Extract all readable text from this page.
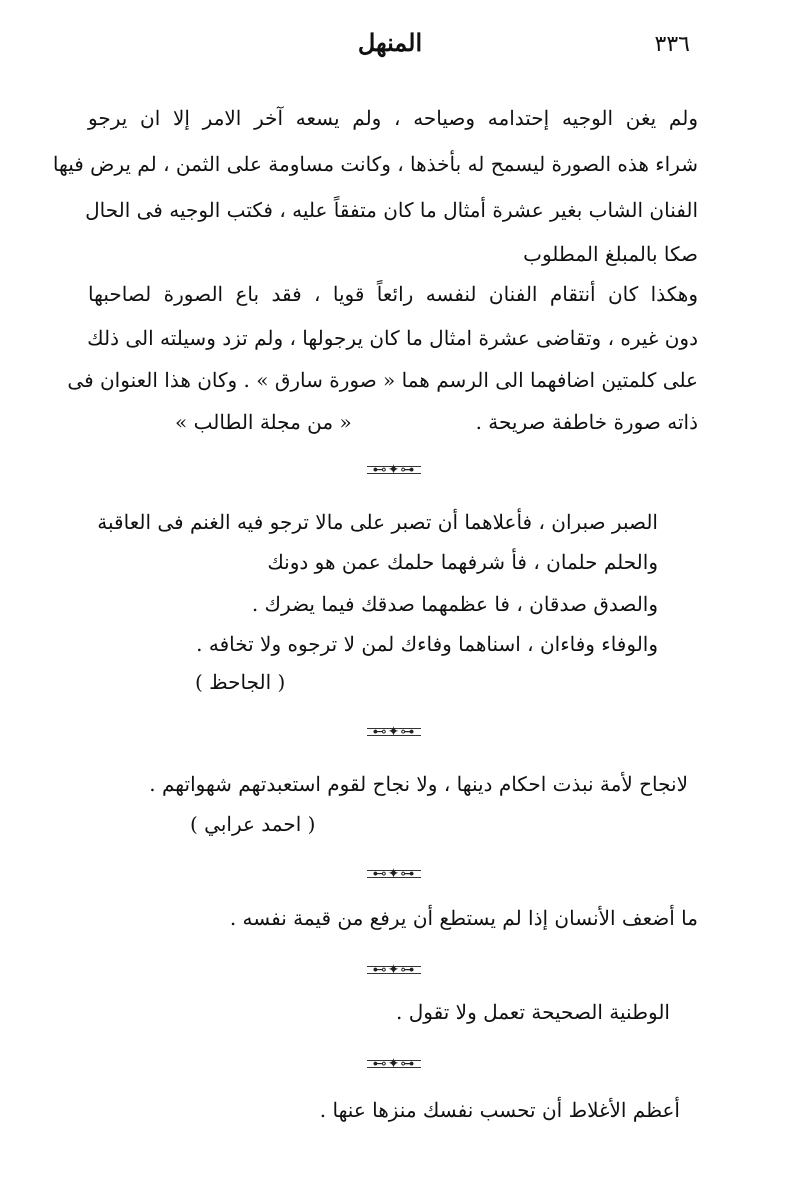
٣٣٦
المنهل
ولم يغن الوجيه إحتدامه وصياحه ، ولم يسعه آخر الامر إلا ان يرجو
شراء هذه الصورة ليسمح له بأخذها ، وكانت مساومة على الثمن ، لم يرض فيها
الفنان الشاب بغير عشرة أمثال ما كان متفقاً عليه ، فكتب الوجيه فى الحال
صكا بالمبلغ المطلوب
وهكذا كان أنتقام الفنان لنفسه رائعاً قويا ، فقد باع الصورة لصاحبها
دون غيره ، وتقاضى عشرة امثال ما كان يرجولها ، ولم تزد وسيلته الى ذلك
على كلمتين اضافهما الى الرسم هما « صورة سارق » . وكان هذا العنوان فى
ذاته صورة خاطفة صريحة .
« من مجلة الطالب »
⊷✦⊶
الصبر صبران ، فأعلاهما أن تصبر على مالا ترجو فيه الغنم فى العاقبة
والحلم حلمان ، فأ شرفهما حلمك عمن هو دونك
والصدق صدقان ، فا عظمهما صدقك فيما يضرك .
والوفاء وفاءان ، اسناهما وفاءك لمن لا ترجوه ولا تخافه .
( الجاحظ )
⊷✦⊶
لانجاح لأمة نبذت احكام دينها ، ولا نجاح لقوم استعبدتهم شهواتهم .
( احمد عرابي )
⊷✦⊶
ما أضعف الأنسان إذا لم يستطع أن يرفع من قيمة نفسه .
⊷✦⊶
الوطنية الصحيحة تعمل ولا تقول .
⊷✦⊶
أعظم الأغلاط أن تحسب نفسك منزها عنها .
